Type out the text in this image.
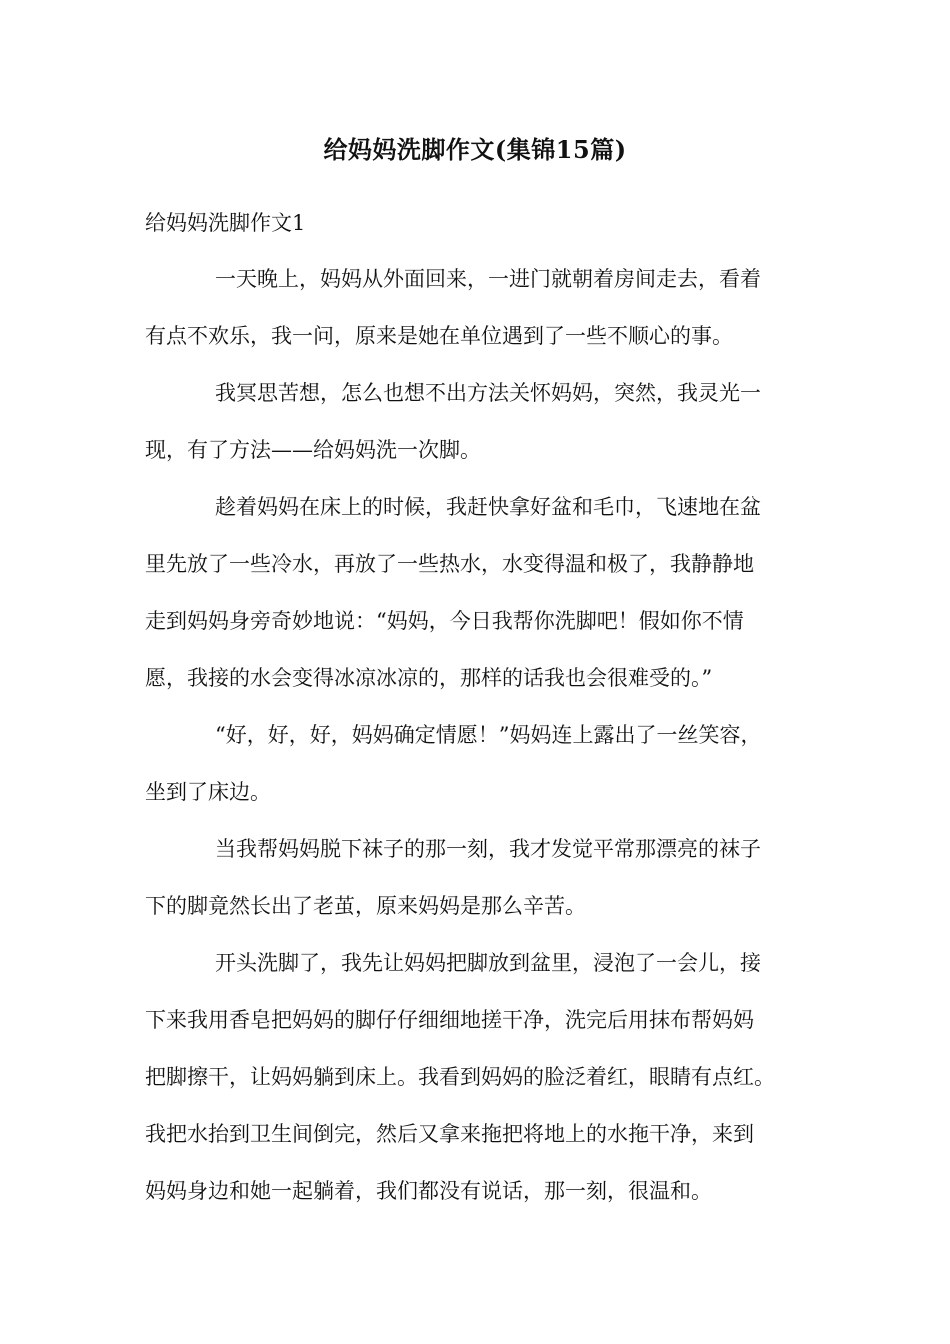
给妈妈洗脚作文(集锦15篇)
给妈妈洗脚作文1
一天晚上，妈妈从外面回来，一进门就朝着房间走去，看着
有点不欢乐，我一问，原来是她在单位遇到了一些不顺心的事。
我冥思苦想，怎么也想不出方法关怀妈妈，突然，我灵光一
现，有了方法——给妈妈洗一次脚。
趁着妈妈在床上的时候，我赶快拿好盆和毛巾，飞速地在盆
里先放了一些冷水，再放了一些热水，水变得温和极了，我静静地
走到妈妈身旁奇妙地说：“妈妈，今日我帮你洗脚吧！假如你不情
愿，我接的水会变得冰凉冰凉的，那样的话我也会很难受的。”
“好，好，好，妈妈确定情愿！”妈妈连上露出了一丝笑容，
坐到了床边。
当我帮妈妈脱下袜子的那一刻，我才发觉平常那漂亮的袜子
下的脚竟然长出了老茧，原来妈妈是那么辛苦。
开头洗脚了，我先让妈妈把脚放到盆里，浸泡了一会儿，接
下来我用香皂把妈妈的脚仔仔细细地搓干净，洗完后用抹布帮妈妈
把脚擦干，让妈妈躺到床上。我看到妈妈的脸泛着红，眼睛有点红。
我把水抬到卫生间倒完，然后又拿来拖把将地上的水拖干净，来到
妈妈身边和她一起躺着，我们都没有说话，那一刻，很温和。
